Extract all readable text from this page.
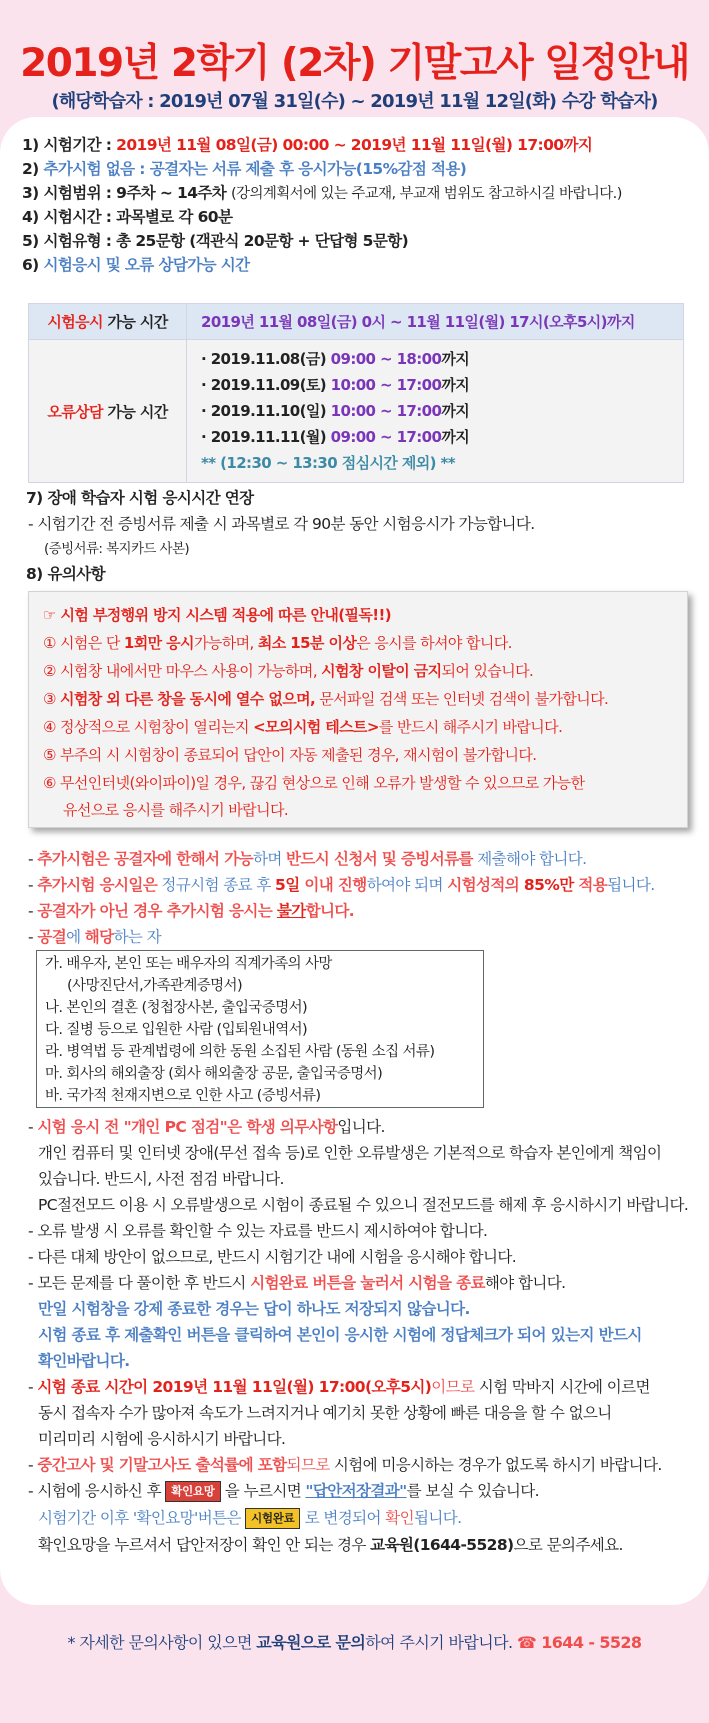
2019년 2학기 (2차) 기말고사 일정안내
(해당학습자 : 2019년 07월 31일(수) ~ 2019년 11월 12일(화) 수강 학습자)
1) 시험기간 : 2019년 11월 08일(금) 00:00 ~ 2019년 11월 11일(월) 17:00까지
2) 추가시험 없음 : 공결자는 서류 제출 후 응시가능(15%감점 적용)
3) 시험범위 : 9주차 ~ 14주차 (강의계획서에 있는 주교재, 부교재 범위도 참고하시길 바랍니다.)
4) 시험시간 : 과목별로 각 60분
5) 시험유형 : 총 25문항 (객관식 20문항 + 단답형 5문항)
6) 시험응시 및 오류 상담가능 시간
시험응시 가능 시간	2019년 11월 08일(금) 0시 ~ 11월 11일(월) 17시(오후5시)까지
오류상담 가능 시간	· 2019.11.08(금) 09:00 ~ 18:00까지
· 2019.11.09(토) 10:00 ~ 17:00까지
· 2019.11.10(일) 10:00 ~ 17:00까지
· 2019.11.11(월) 09:00 ~ 17:00까지
** (12:30 ~ 13:30 점심시간 제외) **
7) 장애 학습자 시험 응시시간 연장
- 시험기간 전 증빙서류 제출 시 과목별로 각 90분 동안 시험응시가 가능합니다.
(증빙서류: 복지카드 사본)
8) 유의사항
☞ 시험 부정행위 방지 시스템 적용에 따른 안내(필독!!)
① 시험은 단 1회만 응시가능하며, 최소 15분 이상은 응시를 하셔야 합니다.
② 시험창 내에서만 마우스 사용이 가능하며, 시험창 이탈이 금지되어 있습니다.
③ 시험창 외 다른 창을 동시에 열수 없으며, 문서파일 검색 또는 인터넷 검색이 불가합니다.
④ 정상적으로 시험창이 열리는지 <모의시험 테스트>를 반드시 해주시기 바랍니다.
⑤ 부주의 시 시험창이 종료되어 답안이 자동 제출된 경우, 재시험이 불가합니다.
⑥ 무선인터넷(와이파이)일 경우, 끊김 현상으로 인해 오류가 발생할 수 있으므로 가능한
유선으로 응시를 해주시기 바랍니다.
- 추가시험은 공결자에 한해서 가능하며 반드시 신청서 및 증빙서류를 제출해야 합니다.
- 추가시험 응시일은 정규시험 종료 후 5일 이내 진행하여야 되며 시험성적의 85%만 적용됩니다.
- 공결자가 아닌 경우 추가시험 응시는 불가합니다.
- 공결에 해당하는 자
가. 배우자, 본인 또는 배우자의 직계가족의 사망
(사망진단서,가족관계증명서)
나. 본인의 결혼 (청첩장사본, 출입국증명서)
다. 질병 등으로 입원한 사람 (입퇴원내역서)
라. 병역법 등 관계법령에 의한 동원 소집된 사람 (동원 소집 서류)
마. 회사의 해외출장 (회사 해외출장 공문, 출입국증명서)
바. 국가적 천재지변으로 인한 사고 (증빙서류)
- 시험 응시 전 "개인 PC 점검"은 학생 의무사항입니다.
개인 컴퓨터 및 인터넷 장애(무선 접속 등)로 인한 오류발생은 기본적으로 학습자 본인에게 책임이
있습니다. 반드시, 사전 점검 바랍니다.
PC절전모드 이용 시 오류발생으로 시험이 종료될 수 있으니 절전모드를 해제 후 응시하시기 바랍니다.
- 오류 발생 시 오류를 확인할 수 있는 자료를 반드시 제시하여야 합니다.
- 다른 대체 방안이 없으므로, 반드시 시험기간 내에 시험을 응시해야 합니다.
- 모든 문제를 다 풀이한 후 반드시 시험완료 버튼을 눌러서 시험을 종료해야 합니다.
만일 시험창을 강제 종료한 경우는 답이 하나도 저장되지 않습니다.
시험 종료 후 제출확인 버튼을 클릭하여 본인이 응시한 시험에 정답체크가 되어 있는지 반드시
확인바랍니다.
- 시험 종료 시간이 2019년 11월 11일(월) 17:00(오후5시)이므로 시험 막바지 시간에 이르면
동시 접속자 수가 많아져 속도가 느려지거나 예기치 못한 상황에 빠른 대응을 할 수 없으니
미리미리 시험에 응시하시기 바랍니다.
- 중간고사 및 기말고사도 출석률에 포함되므로 시험에 미응시하는 경우가 없도록 하시기 바랍니다.
- 시험에 응시하신 후 확인요망 을 누르시면 "답안저장결과"를 보실 수 있습니다.
시험기간 이후 '확인요망'버튼은 시험완료 로 변경되어 확인됩니다.
확인요망을 누르셔서 답안저장이 확인 안 되는 경우 교육원(1644-5528)으로 문의주세요.
* 자세한 문의사항이 있으면 교육원으로 문의하여 주시기 바랍니다. ☎ 1644 - 5528
